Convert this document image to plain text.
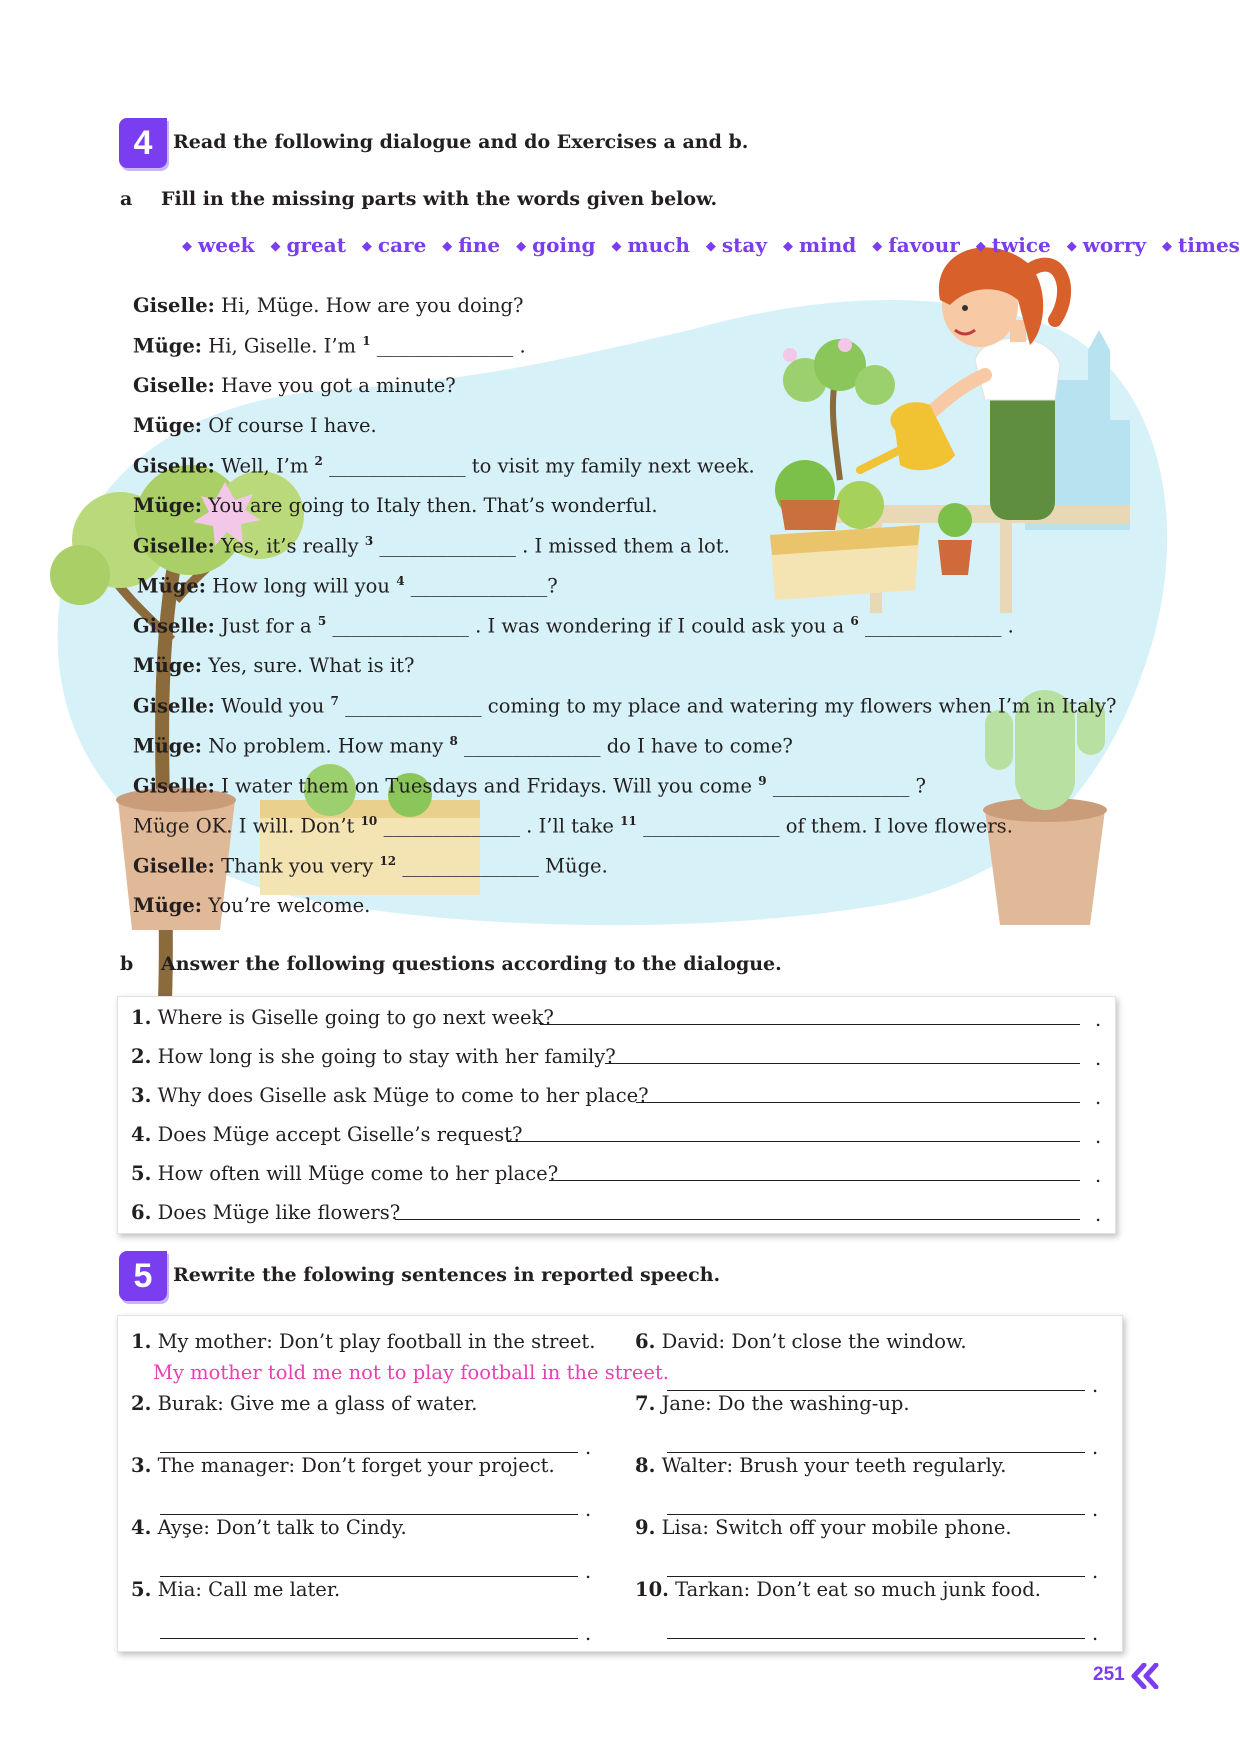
4 Read the following dialogue and do Exercises a and b.
a Fill in the missing parts with the words given below.
◆ week ◆ great ◆ care ◆ fine ◆ going ◆ much ◆ stay ◆ mind ◆ favour ◆ twice ◆ worry ◆ times
Giselle: Hi, Müge. How are you doing?
Müge: Hi, Giselle. I’m $^1$ ______________ .
Giselle: Have you got a minute?
Müge: Of course I have.
Giselle: Well, I’m $^2$ ______________ to visit my family next week.
Müge: You are going to Italy then. That’s wonderful.
Giselle: Yes, it’s really $^3$ ______________ . I missed them a lot.
Müge: How long will you $^4$ ______________?
Giselle: Just for a $^5$ ______________ . I was wondering if I could ask you a $^6$ ______________ .
Müge: Yes, sure. What is it?
Giselle: Would you $^7$ ______________ coming to my place and watering my flowers when I’m in Italy?
Müge: No problem. How many $^8$ ______________ do I have to come?
Giselle: I water them on Tuesdays and Fridays. Will you come $^9$ ______________ ?
Müge OK. I will. Don’t $^{10}$ ______________ . I’ll take $^{11}$ ______________ of them. I love flowers.
Giselle: Thank you very $^{12}$ ______________ Müge.
Müge: You’re welcome.
b Answer the following questions according to the dialogue.
1. Where is Giselle going to go next week?
2. How long is she going to stay with her family?
3. Why does Giselle ask Müge to come to her place?
4. Does Müge accept Giselle’s request?
5. How often will Müge come to her place?
6. Does Müge like flowers?
.
.
.
.
.
.
5 Rewrite the folowing sentences in reported speech.
1. My mother: Don’t play football in the street.
My mother told me not to play football in the street.
2. Burak: Give me a glass of water.
3. The manager: Don’t forget your project.
4. Ayşe: Don’t talk to Cindy.
5. Mia: Call me later.
6. David: Don’t close the window.
7. Jane: Do the washing-up.
8. Walter: Brush your teeth regularly.
9. Lisa: Switch off your mobile phone.
10. Tarkan: Don’t eat so much junk food.
.
.
.
.
.
.
.
.
.
251
